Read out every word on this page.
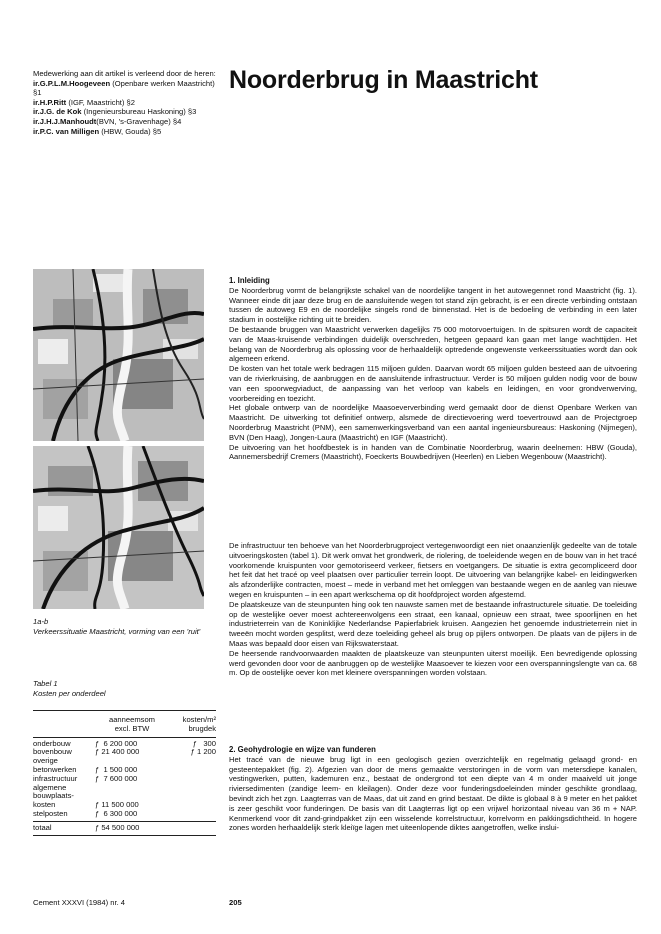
Medewerking aan dit artikel is verleend door de heren:

ir.G.P.L.M.Hoogeveen (Openbare werken Maastricht) §1

ir.H.P.Ritt (IGF, Maastricht) §2

ir.J.G. de Kok (Ingenieursbureau Haskoning) §3

ir.J.H.J.Manhoudt(BVN, 's-Gravenhage) §4

ir.P.C. van Milligen (HBW, Gouda) §5

Noorderbrug in Maastricht
1a-b
Verkeerssituatie Maastricht, vorming van een 'ruit'
Tabel 1
Kosten per onderdeel
aanneemsom
excl. BTW
kosten/m²
brugdek
onderbouw	ƒ  6 200 000	ƒ   300
bovenbouw	ƒ 21 400 000	ƒ 1 200
overige
betonwerken	ƒ  1 500 000
infrastructuur	ƒ  7 600 000
algemene
bouwplaats-
kosten	ƒ 11 500 000
stelposten	ƒ  6 300 000
totaal	ƒ 54 500 000
1. Inleiding

De Noorderbrug vormt de belangrijkste schakel van de noordelijke tangent in het autowegennet rond Maastricht (fig. 1). Wanneer einde dit jaar deze brug en de aansluitende wegen tot stand zijn gebracht, is er een directe verbinding ontstaan tussen de autoweg E9 en de noordelijke singels rond de binnenstad. Het is de bedoeling de verbinding in een later stadium in oostelijke richting uit te breiden.

De bestaande bruggen van Maastricht verwerken dagelijks 75 000 motorvoertuigen. In de spitsuren wordt de capaciteit van de Maas-kruisende verbindingen duidelijk overschreden, hetgeen gepaard kan gaan met lange wachttijden. Het belang van de Noorderbrug als oplossing voor de herhaaldelijk optredende ongewenste verkeerssituaties wordt dan ook algemeen erkend.

De kosten van het totale werk bedragen 115 miljoen gulden. Daarvan wordt 65 miljoen gulden besteed aan de uitvoering van de rivierkruising, de aanbruggen en de aansluitende infrastructuur. Verder is 50 miljoen gulden nodig voor de bouw van een spoorwegviaduct, de aanpassing van het verloop van kabels en leidingen, en voor grondverwerving, voorbereiding en toezicht.

Het globale ontwerp van de noordelijke Maasoeververbinding werd gemaakt door de dienst Openbare Werken van Maastricht. De uitwerking tot definitief ontwerp, alsmede de directievoering werd toevertrouwd aan de Projectgroep Noorderbrug Maastricht (PNM), een samenwerkingsverband van een aantal ingenieursbureaus: Haskoning (Nijmegen), BVN (Den Haag), Jongen-Laura (Maastricht) en IGF (Maastricht).

De uitvoering van het hoofdbestek is in handen van de Combinatie Noorderbrug, waarin deelnemen: HBW (Gouda), Aannemersbedrijf Cremers (Maastricht), Foeckerts Bouwbedrijven (Heerlen) en Lieben Wegenbouw (Maastricht).

De infrastructuur ten behoeve van het Noorderbrugproject vertegenwoordigt een niet onaanzienlijk gedeelte van de totale uitvoeringskosten (tabel 1). Dit werk omvat het grondwerk, de riolering, de toeleidende wegen en de bouw van in het tracé voorkomende kruispunten voor gemotoriseerd verkeer, fietsers en voetgangers. De situatie is extra gecompliceerd door het feit dat het tracé op veel plaatsen over particulier terrein loopt. De uitvoering van belangrijke kabel- en leidingwerken als afzonderlijke contracten, moest – mede in verband met het omleggen van bestaande wegen en de aanleg van nieuwe wegen en kruispunten – in een apart werkschema op dit hoofdproject worden afgestemd.

De plaatskeuze van de steunpunten hing ook ten nauwste samen met de bestaande infrastructurele situatie. De toeleiding op de westelijke oever moest achtereenvolgens een straat, een kanaal, opnieuw een straat, twee spoorlijnen en het industrieterrein van de Koninklijke Nederlandse Papierfabriek kruisen. Aangezien het genoemde industrieterrein niet in tweeën mocht worden gesplitst, werd deze toeleiding geheel als brug op pijlers ontworpen. De plaats van de pijlers in de Maas was bepaald door eisen van Rijkswaterstaat.

De heersende randvoorwaarden maakten de plaatskeuze van steunpunten uiterst moeilijk. Een bevredigende oplossing werd gevonden door voor de aanbruggen op de westelijke Maasoever te kiezen voor een overspanningslengte van ca. 68 m. Op de oostelijke oever kon met kleinere overspanningen worden volstaan.

2. Geohydrologie en wijze van funderen

Het tracé van de nieuwe brug ligt in een geologisch gezien overzichtelijk en regelmatig gelaagd grond- en gesteentepakket (fig. 2). Afgezien van door de mens gemaakte verstoringen in de vorm van metersdiepe kanalen, vestingwerken, putten, kademuren enz., bestaat de ondergrond tot een diepte van 4 m onder maaiveld uit jonge riviersedimenten (zandige leem- en kleilagen). Onder deze voor funderingsdoeleinden minder geschikte grondlaag, bevindt zich het zgn. Laagterras van de Maas, dat uit zand en grind bestaat. De dikte is globaal 8 à 9 meter en het pakket is zeer geschikt voor funderingen. De basis van dit Laagterras ligt op een vrijwel horizontaal niveau van 36 m + NAP. Kenmerkend voor dit zand-grindpakket zijn een wisselende korrelstructuur, korrelvorm en pakkingsdichtheid. In hogere zones worden herhaaldelijk sterk kleiïge lagen met uiteenlopende diktes aangetroffen, welke inslui-

Cement XXXVI (1984) nr. 4	205
